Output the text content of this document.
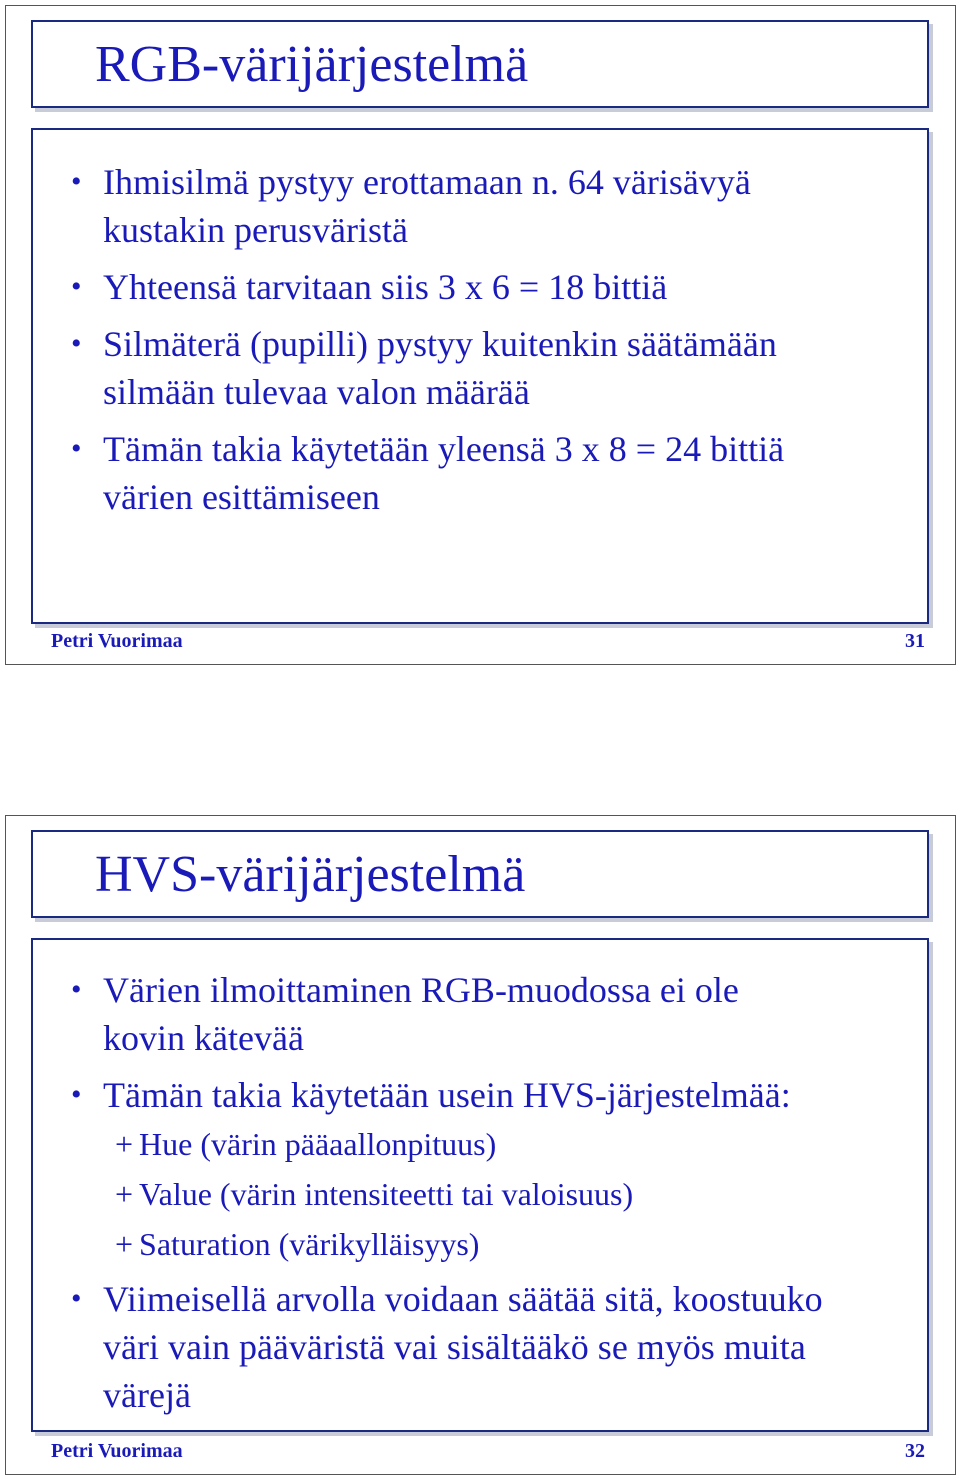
RGB-värijärjestelmä
• Ihmisilmä pystyy erottamaan n. 64 värisävyä
kustakin perusväristä
• Yhteensä tarvitaan siis 3 x 6 = 18 bittiä
• Silmäterä (pupilli) pystyy kuitenkin säätämään
silmään tulevaa valon määrää
• Tämän takia käytetään yleensä 3 x 8 = 24 bittiä
värien esittämiseen
Petri Vuorimaa	31
HVS-värijärjestelmä
• Värien ilmoittaminen RGB-muodossa ei ole
kovin kätevää
• Tämän takia käytetään usein HVS-järjestelmää:
+ Hue (värin pääaallonpituus)
+ Value (värin intensiteetti tai valoisuus)
+ Saturation (värikylläisyys)
• Viimeisellä arvolla voidaan säätää sitä, koostuuko
väri vain pääväristä vai sisältääkö se myös muita
värejä
Petri Vuorimaa	32
